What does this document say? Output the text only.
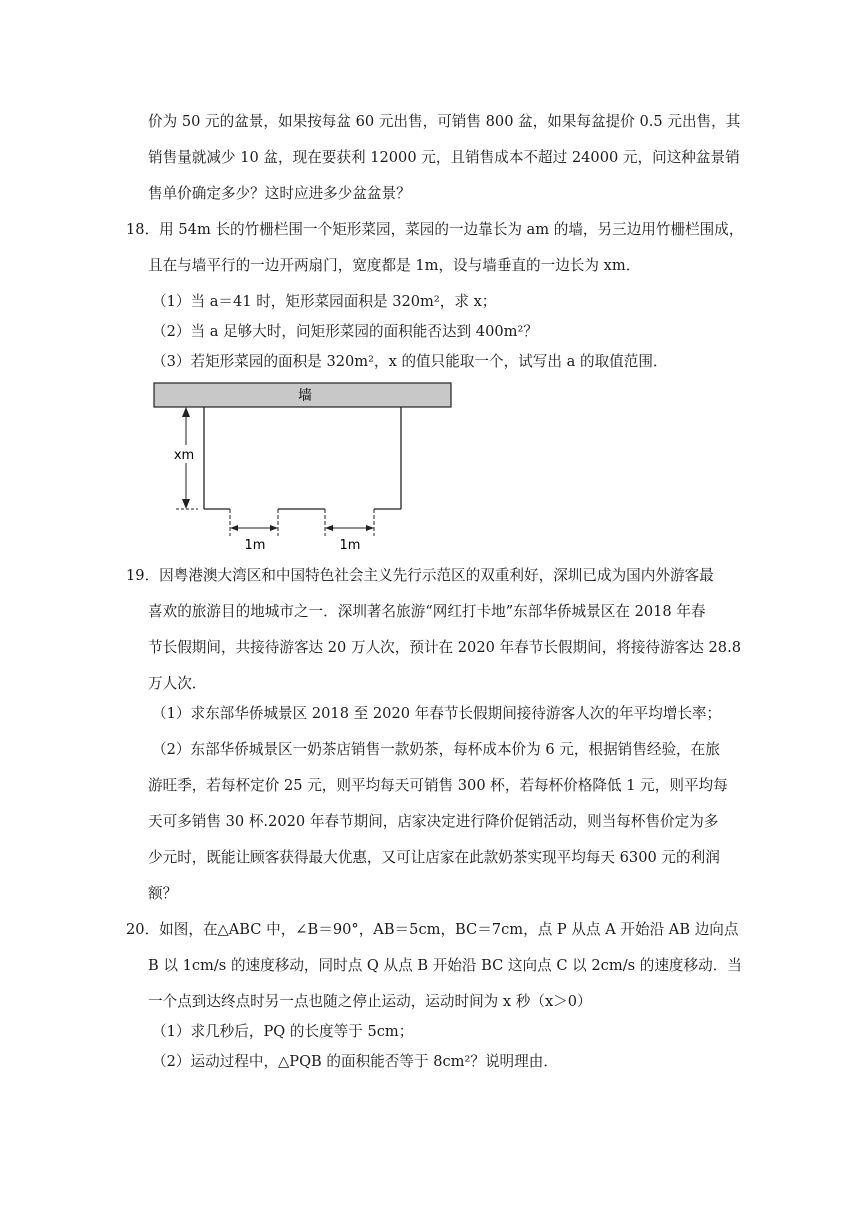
价为 50 元的盆景，如果按每盆 60 元出售，可销售 800 盆，如果每盆提价 0.5 元出售，其
销售量就减少 10 盆，现在要获利 12000 元，且销售成本不超过 24000 元，问这种盆景销
售单价确定多少？这时应进多少盆盆景？
18．用 54m 长的竹栅栏围一个矩形菜园，菜园的一边靠长为 am 的墙，另三边用竹栅栏围成，
且在与墙平行的一边开两扇门，宽度都是 1m，设与墙垂直的一边长为 xm．
（1）当 a＝41 时，矩形菜园面积是 320m²，求 x；
（2）当 a 足够大时，问矩形菜园的面积能否达到 400m²？
（3）若矩形菜园的面积是 320m²，x 的值只能取一个，试写出 a 的取值范围．
墙
xm
1m	1m
19．因粤港澳大湾区和中国特色社会主义先行示范区的双重利好，深圳已成为国内外游客最
喜欢的旅游目的地城市之一．深圳著名旅游“网红打卡地”东部华侨城景区在 2018 年春
节长假期间，共接待游客达 20 万人次，预计在 2020 年春节长假期间，将接待游客达 28.8
万人次．
（1）求东部华侨城景区 2018 至 2020 年春节长假期间接待游客人次的年平均增长率；
（2）东部华侨城景区一奶茶店销售一款奶茶，每杯成本价为 6 元，根据销售经验，在旅
游旺季，若每杯定价 25 元，则平均每天可销售 300 杯，若每杯价格降低 1 元，则平均每
天可多销售 30 杯.2020 年春节期间，店家决定进行降价促销活动，则当每杯售价定为多
少元时，既能让顾客获得最大优惠，又可让店家在此款奶茶实现平均每天 6300 元的利润
额？
20．如图，在△ABC 中，∠B＝90°，AB＝5cm，BC＝7cm，点 P 从点 A 开始沿 AB 边向点
B 以 1cm/s 的速度移动，同时点 Q 从点 B 开始沿 BC 这向点 C 以 2cm/s 的速度移动．当
一个点到达终点时另一点也随之停止运动，运动时间为 x 秒（x＞0）
（1）求几秒后，PQ 的长度等于 5cm；
（2）运动过程中，△PQB 的面积能否等于 8cm²？说明理由．
